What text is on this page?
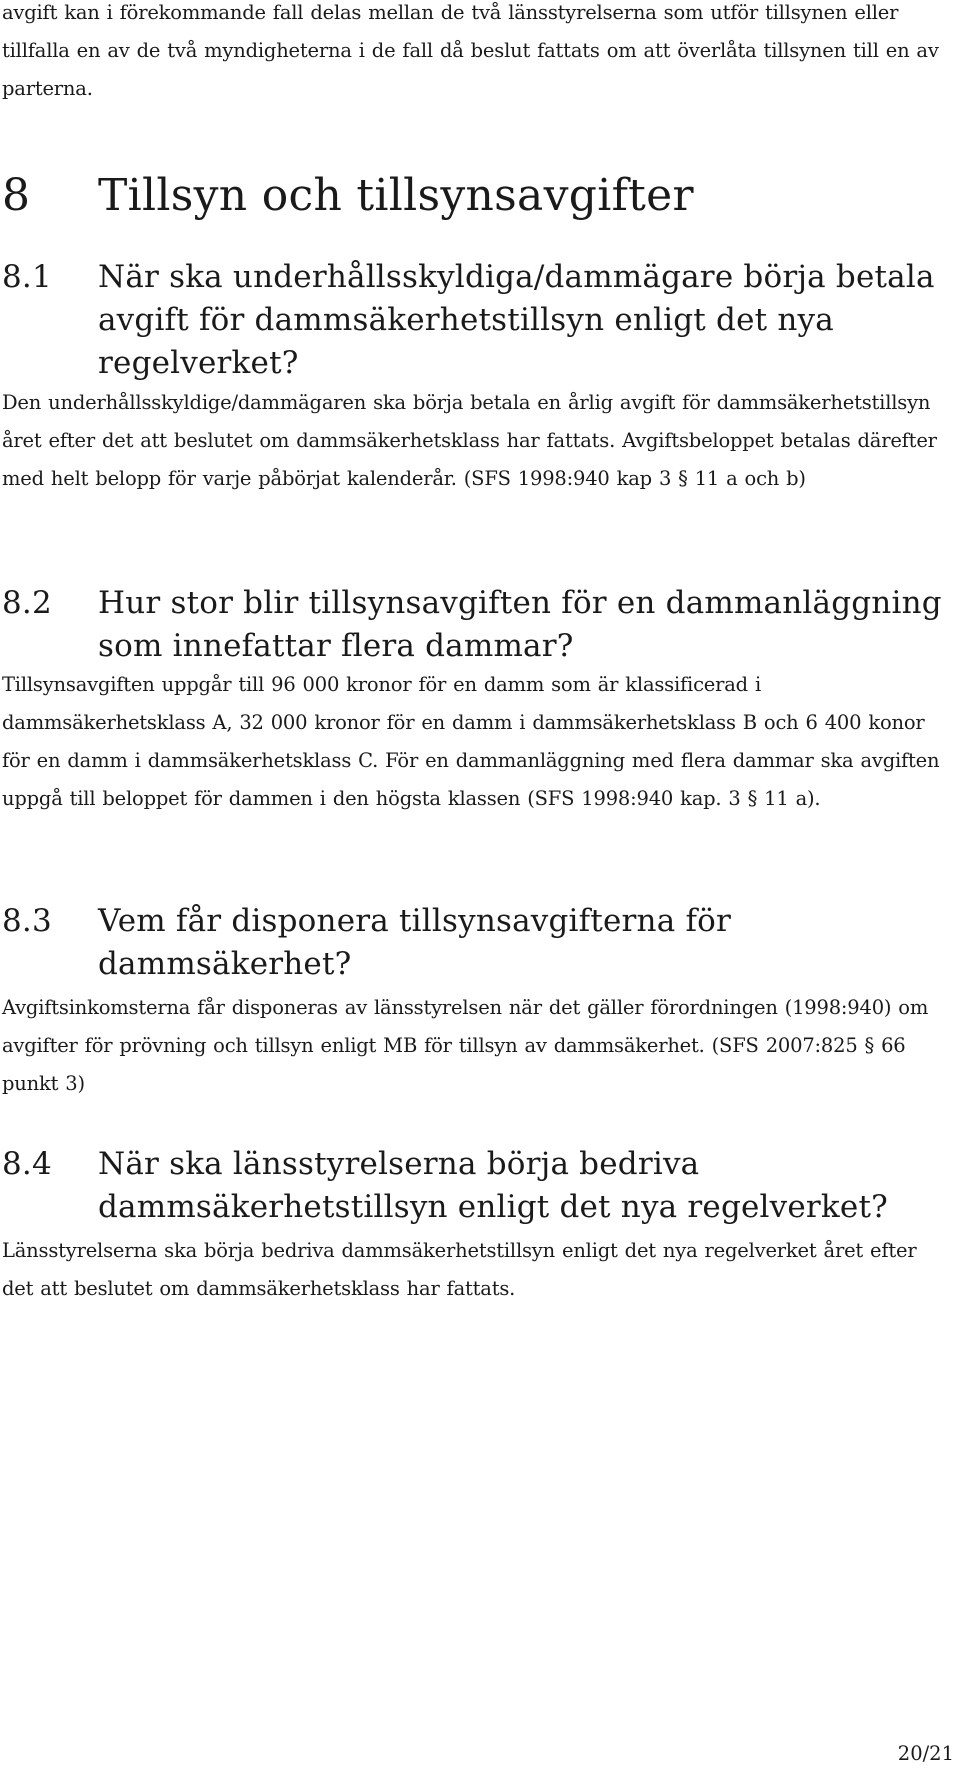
avgift kan i förekommande fall delas mellan de två länsstyrelserna som utför tillsynen eller tillfalla en av de två myndigheterna i de fall då beslut fattats om att överlåta tillsynen till en av parterna.

8 Tillsyn och tillsynsavgifter
8.1 När ska underhållsskyldiga/dammägare börja betala avgift för dammsäkerhetstillsyn enligt det nya regelverket?

Den underhållsskyldige/dammägaren ska börja betala en årlig avgift för dammsäkerhetstillsyn året efter det att beslutet om dammsäkerhetsklass har fattats. Avgiftsbeloppet betalas därefter med helt belopp för varje påbörjat kalenderår. (SFS 1998:940 kap 3 § 11 a och b)

8.2 Hur stor blir tillsynsavgiften för en dammanläggning som innefattar flera dammar?

Tillsynsavgiften uppgår till 96 000 kronor för en damm som är klassificerad i dammsäkerhetsklass A, 32 000 kronor för en damm i dammsäkerhetsklass B och 6 400 konor för en damm i dammsäkerhetsklass C. För en dammanläggning med flera dammar ska avgiften uppgå till beloppet för dammen i den högsta klassen (SFS 1998:940 kap. 3 § 11 a).

8.3 Vem får disponera tillsynsavgifterna för dammsäkerhet?

Avgiftsinkomsterna får disponeras av länsstyrelsen när det gäller förordningen (1998:940) om avgifter för prövning och tillsyn enligt MB för tillsyn av dammsäkerhet. (SFS 2007:825 § 66 punkt 3)

8.4 När ska länsstyrelserna börja bedriva dammsäkerhetstillsyn enligt det nya regelverket?

Länsstyrelserna ska börja bedriva dammsäkerhetstillsyn enligt det nya regelverket året efter det att beslutet om dammsäkerhetsklass har fattats.

20/21
